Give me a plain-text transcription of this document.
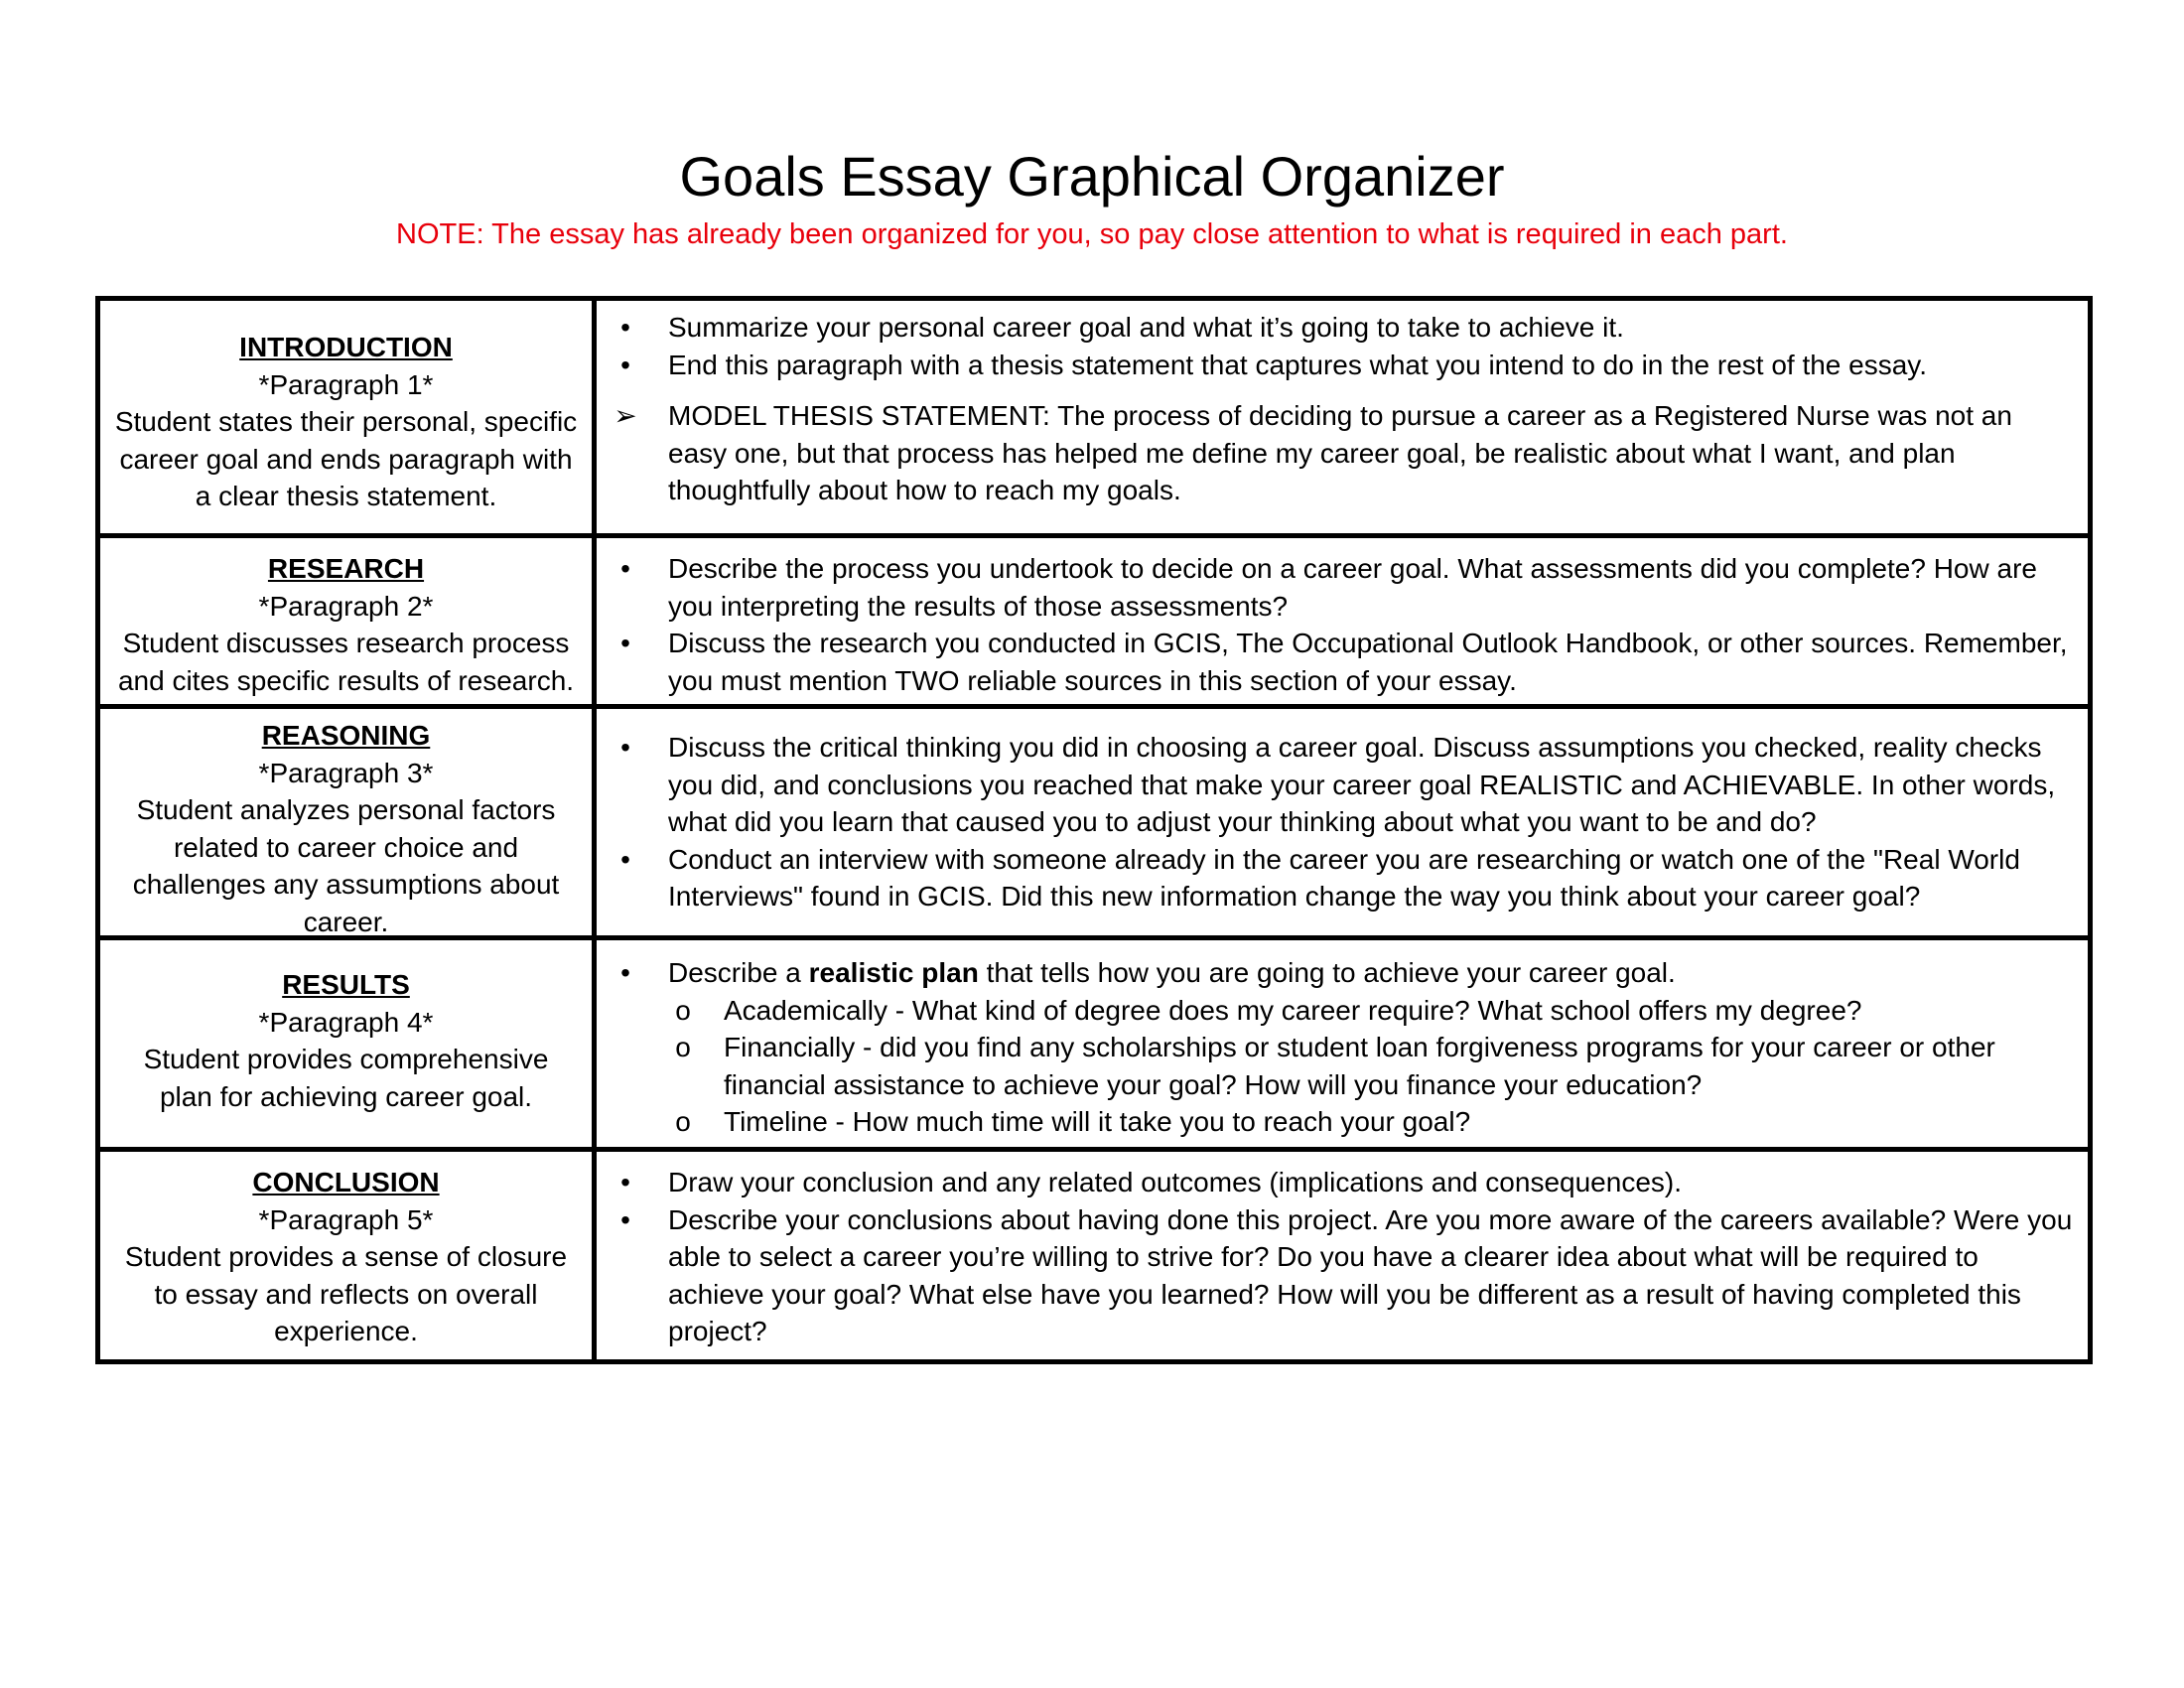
Goals Essay Graphical Organizer
NOTE: The essay has already been organized for you, so pay close attention to what is required in each part.
INTRODUCTION
*Paragraph 1*
Student states their personal, specific career goal and ends paragraph with a clear thesis statement.
•	Summarize your personal career goal and what it’s going to take to achieve it.
•	End this paragraph with a thesis statement that captures what you intend to do in the rest of the essay.
➢ MODEL THESIS STATEMENT: The process of deciding to pursue a career as a Registered Nurse was not an easy one, but that process has helped me define my career goal, be realistic about what I want, and plan thoughtfully about how to reach my goals.
RESEARCH
*Paragraph 2*
Student discusses research process and cites specific results of research.
•	Describe the process you undertook to decide on a career goal. What assessments did you complete? How are you interpreting the results of those assessments?
•	Discuss the research you conducted in GCIS, The Occupational Outlook Handbook, or other sources. Remember, you must mention TWO reliable sources in this section of your essay.
REASONING
*Paragraph 3*
Student analyzes personal factors related to career choice and challenges any assumptions about career.
•	Discuss the critical thinking you did in choosing a career goal. Discuss assumptions you checked, reality checks you did, and conclusions you reached that make your career goal REALISTIC and ACHIEVABLE. In other words, what did you learn that caused you to adjust your thinking about what you want to be and do?
•	Conduct an interview with someone already in the career you are researching or watch one of the "Real World Interviews" found in GCIS. Did this new information change the way you think about your career goal?
RESULTS
*Paragraph 4*
Student provides comprehensive plan for achieving career goal.
•	Describe a realistic plan that tells how you are going to achieve your career goal.
o Academically - What kind of degree does my career require? What school offers my degree?
o Financially - did you find any scholarships or student loan forgiveness programs for your career or other financial assistance to achieve your goal? How will you finance your education?
o Timeline - How much time will it take you to reach your goal?
CONCLUSION
*Paragraph 5*
Student provides a sense of closure to essay and reflects on overall experience.
•	Draw your conclusion and any related outcomes (implications and consequences).
•	Describe your conclusions about having done this project. Are you more aware of the careers available? Were you able to select a career you’re willing to strive for? Do you have a clearer idea about what will be required to achieve your goal? What else have you learned? How will you be different as a result of having completed this project?
